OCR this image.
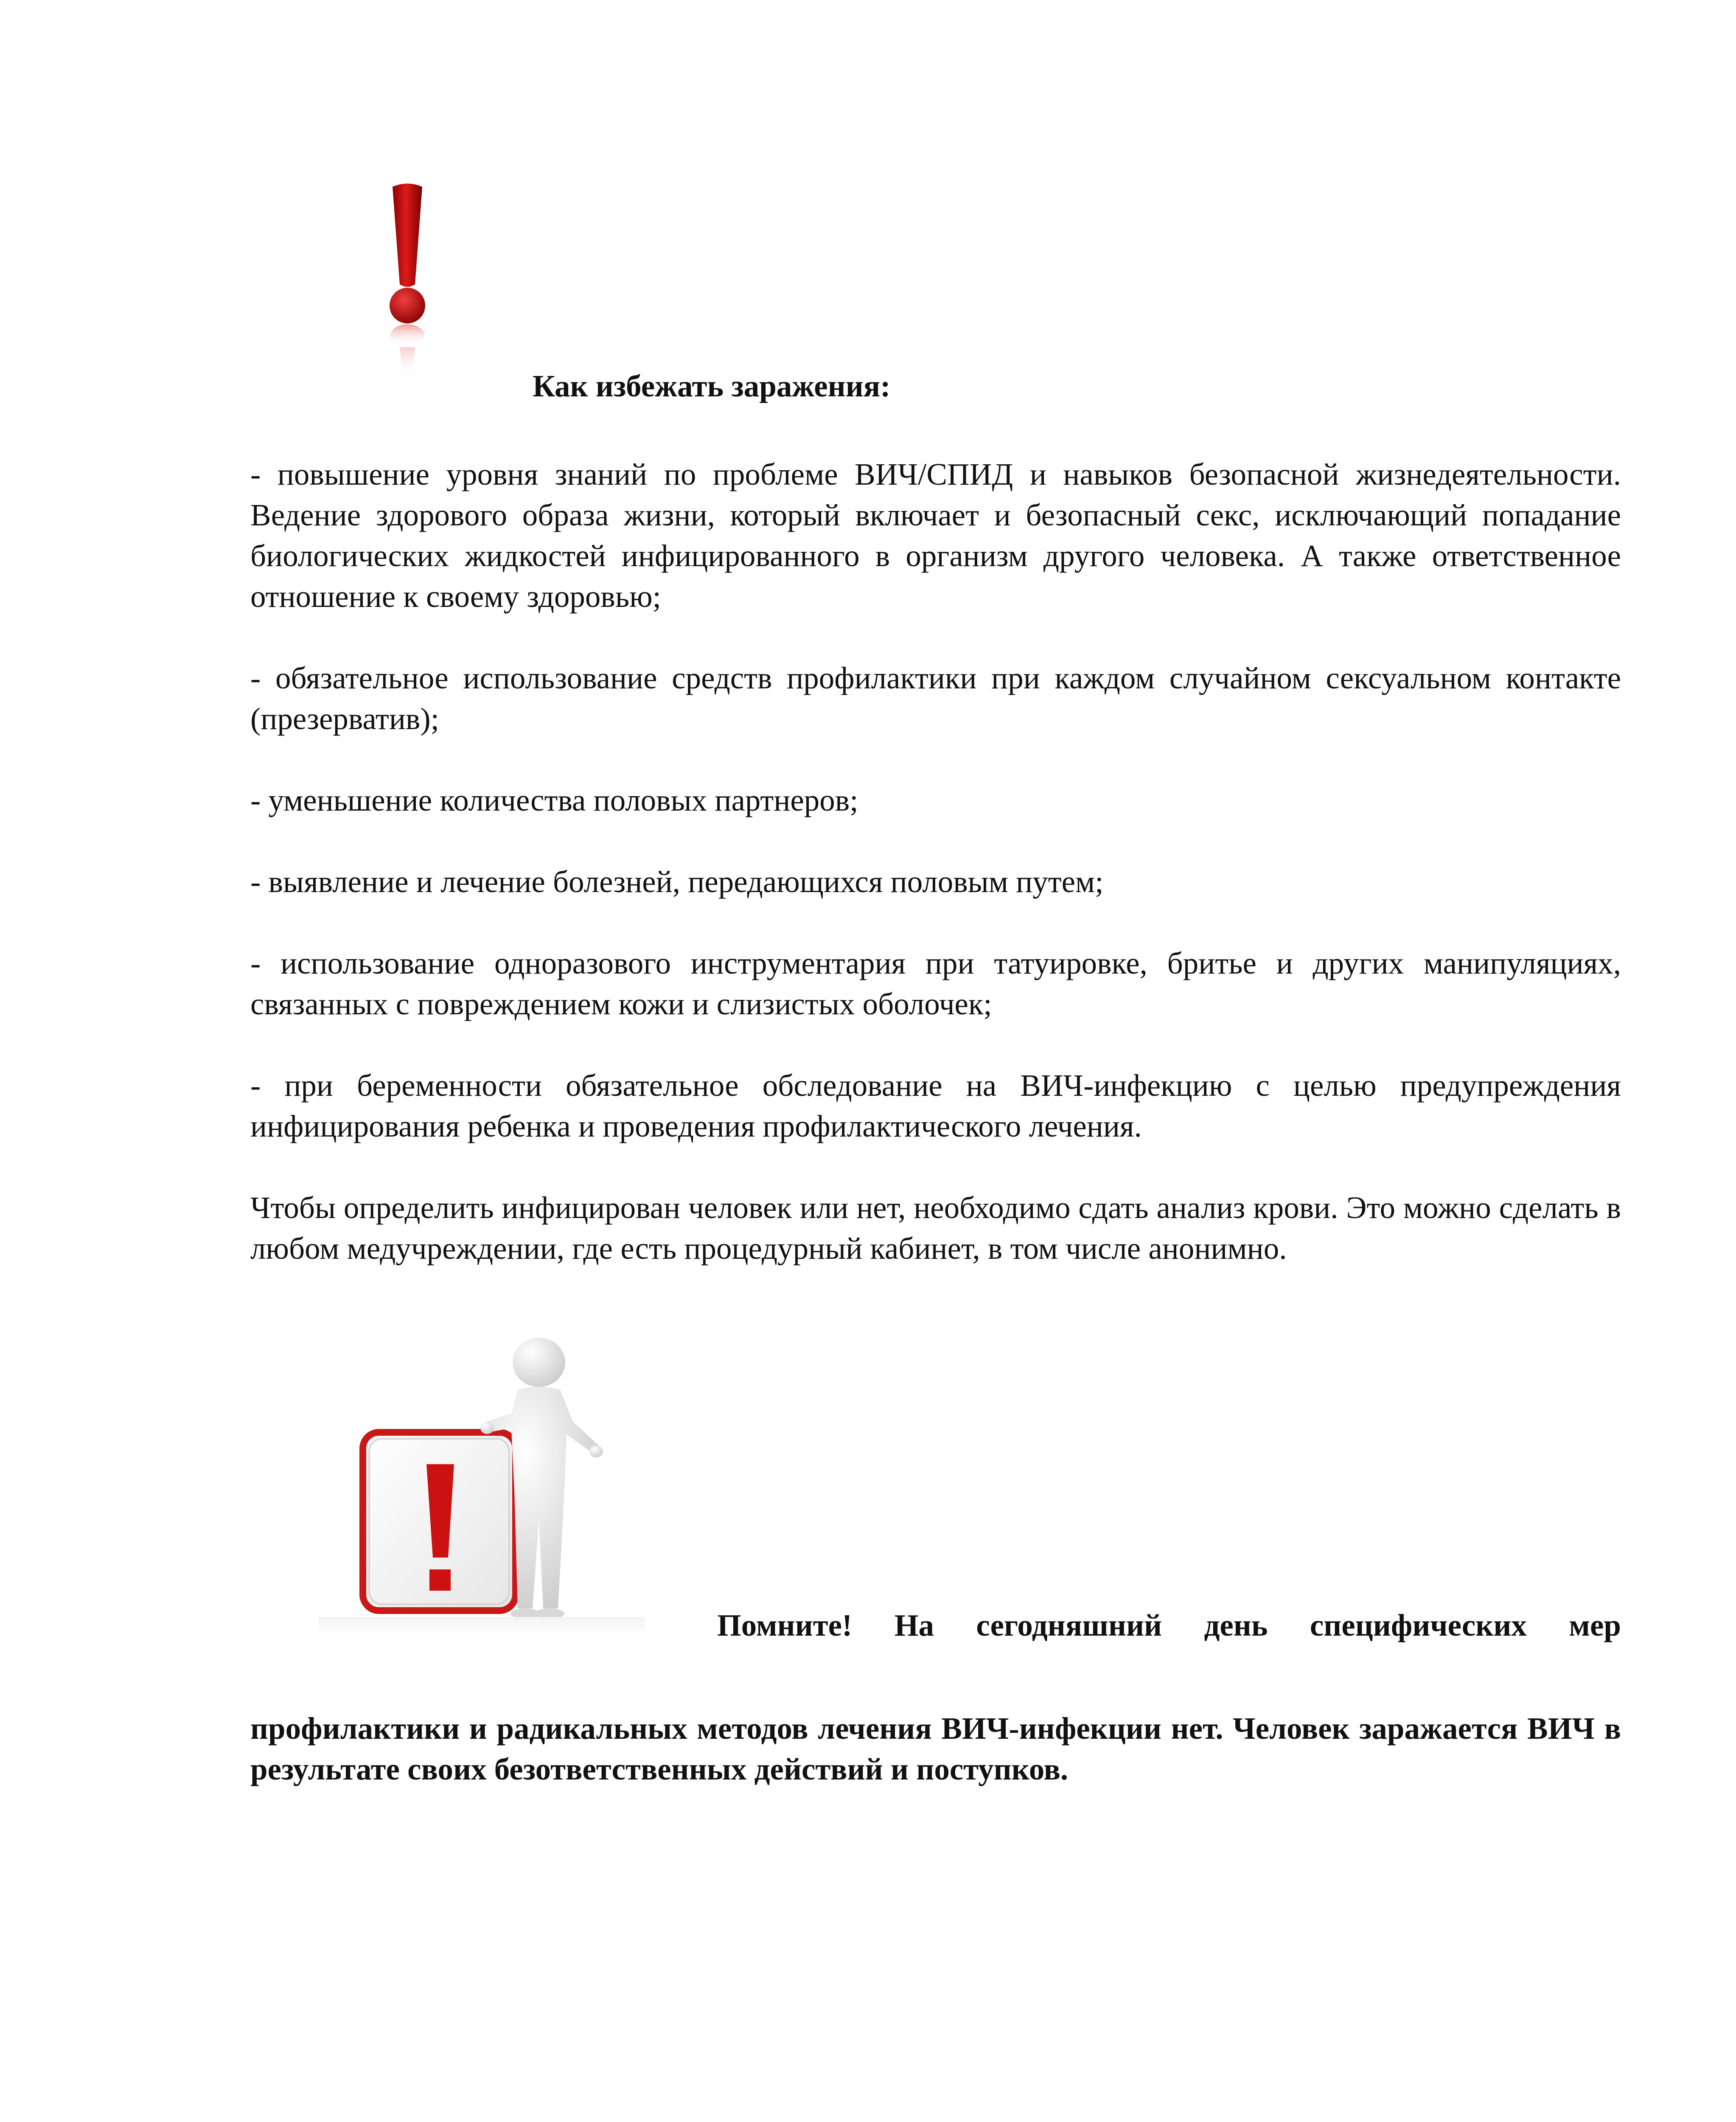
Как избежать заражения:

- повышение уровня знаний по проблеме ВИЧ/СПИД и навыков безопасной жизнедеятельности. Ведение здорового образа жизни, который включает и безопасный секс, исключающий попадание биологических жидкостей инфицированного в организм другого человека. А также ответственное отношение к своему здоровью;

- обязательное использование средств профилактики при каждом случайном сексуальном контакте (презерватив);

- уменьшение количества половых партнеров;

- выявление и лечение болезней, передающихся половым путем;

- использование одноразового инструментария при татуировке, бритье и других манипуляциях, связанных с повреждением кожи и слизистых оболочек;

- при беременности обязательное обследование на ВИЧ-инфекцию с целью предупреждения инфицирования ребенка и проведения профилактического лечения.

Чтобы определить инфицирован человек или нет, необходимо сдать анализ крови. Это можно сделать в любом медучреждении, где есть процедурный кабинет, в том числе анонимно.

Помните! На сегодняшний день специфических мер

профилактики и радикальных методов лечения ВИЧ-инфекции нет. Человек заражается ВИЧ в результате своих безответственных действий и поступков.
